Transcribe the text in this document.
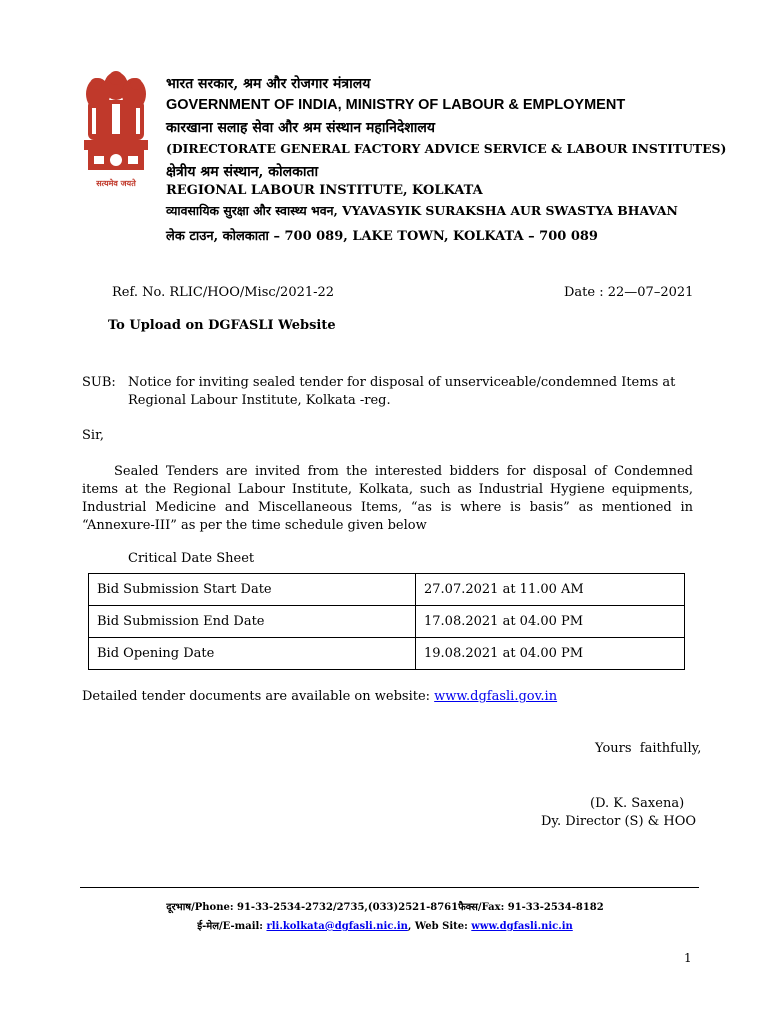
सत्यमेव जयते
भारत सरकार, श्रम और रोजगार मंत्रालय
GOVERNMENT OF INDIA, MINISTRY OF LABOUR & EMPLOYMENT
कारखाना सलाह सेवा और श्रम संस्थान महानिदेशालय
(DIRECTORATE GENERAL FACTORY ADVICE SERVICE & LABOUR INSTITUTES)
क्षेत्रीय श्रम संस्थान, कोलकाता
REGIONAL LABOUR INSTITUTE, KOLKATA
व्यावसायिक सुरक्षा और स्वास्थ्य भवन, VYAVASYIK SURAKSHA AUR SWASTYA BHAVAN
लेक टाउन, कोलकाता – 700 089, LAKE TOWN, KOLKATA – 700 089
Ref. No. RLIC/HOO/Misc/2021-22	Date : 22—07–2021
To Upload on DGFASLI Website
SUB: Notice for inviting sealed tender for disposal of unserviceable/condemned Items at
Regional Labour Institute, Kolkata -reg.
Sir,
Sealed Tenders are invited from the interested bidders for disposal of Condemned
items at the Regional Labour Institute, Kolkata, such as Industrial Hygiene equipments,
Industrial Medicine and Miscellaneous Items, “as is where is basis” as mentioned in
“Annexure-III” as per the time schedule given below
Critical Date Sheet
Bid Submission Start Date	27.07.2021 at 11.00 AM
Bid Submission End Date	17.08.2021 at 04.00 PM
Bid Opening Date	19.08.2021 at 04.00 PM
Detailed tender documents are available on website: www.dgfasli.gov.in
Yours  faithfully,
(D. K. Saxena)
Dy. Director (S) & HOO
दूरभाष/Phone: 91-33-2534-2732/2735,(033)2521-8761फैक्स/Fax: 91-33-2534-8182
ई-मेल/E-mail: rli.kolkata@dgfasli.nic.in, Web Site: www.dgfasli.nic.in
1
